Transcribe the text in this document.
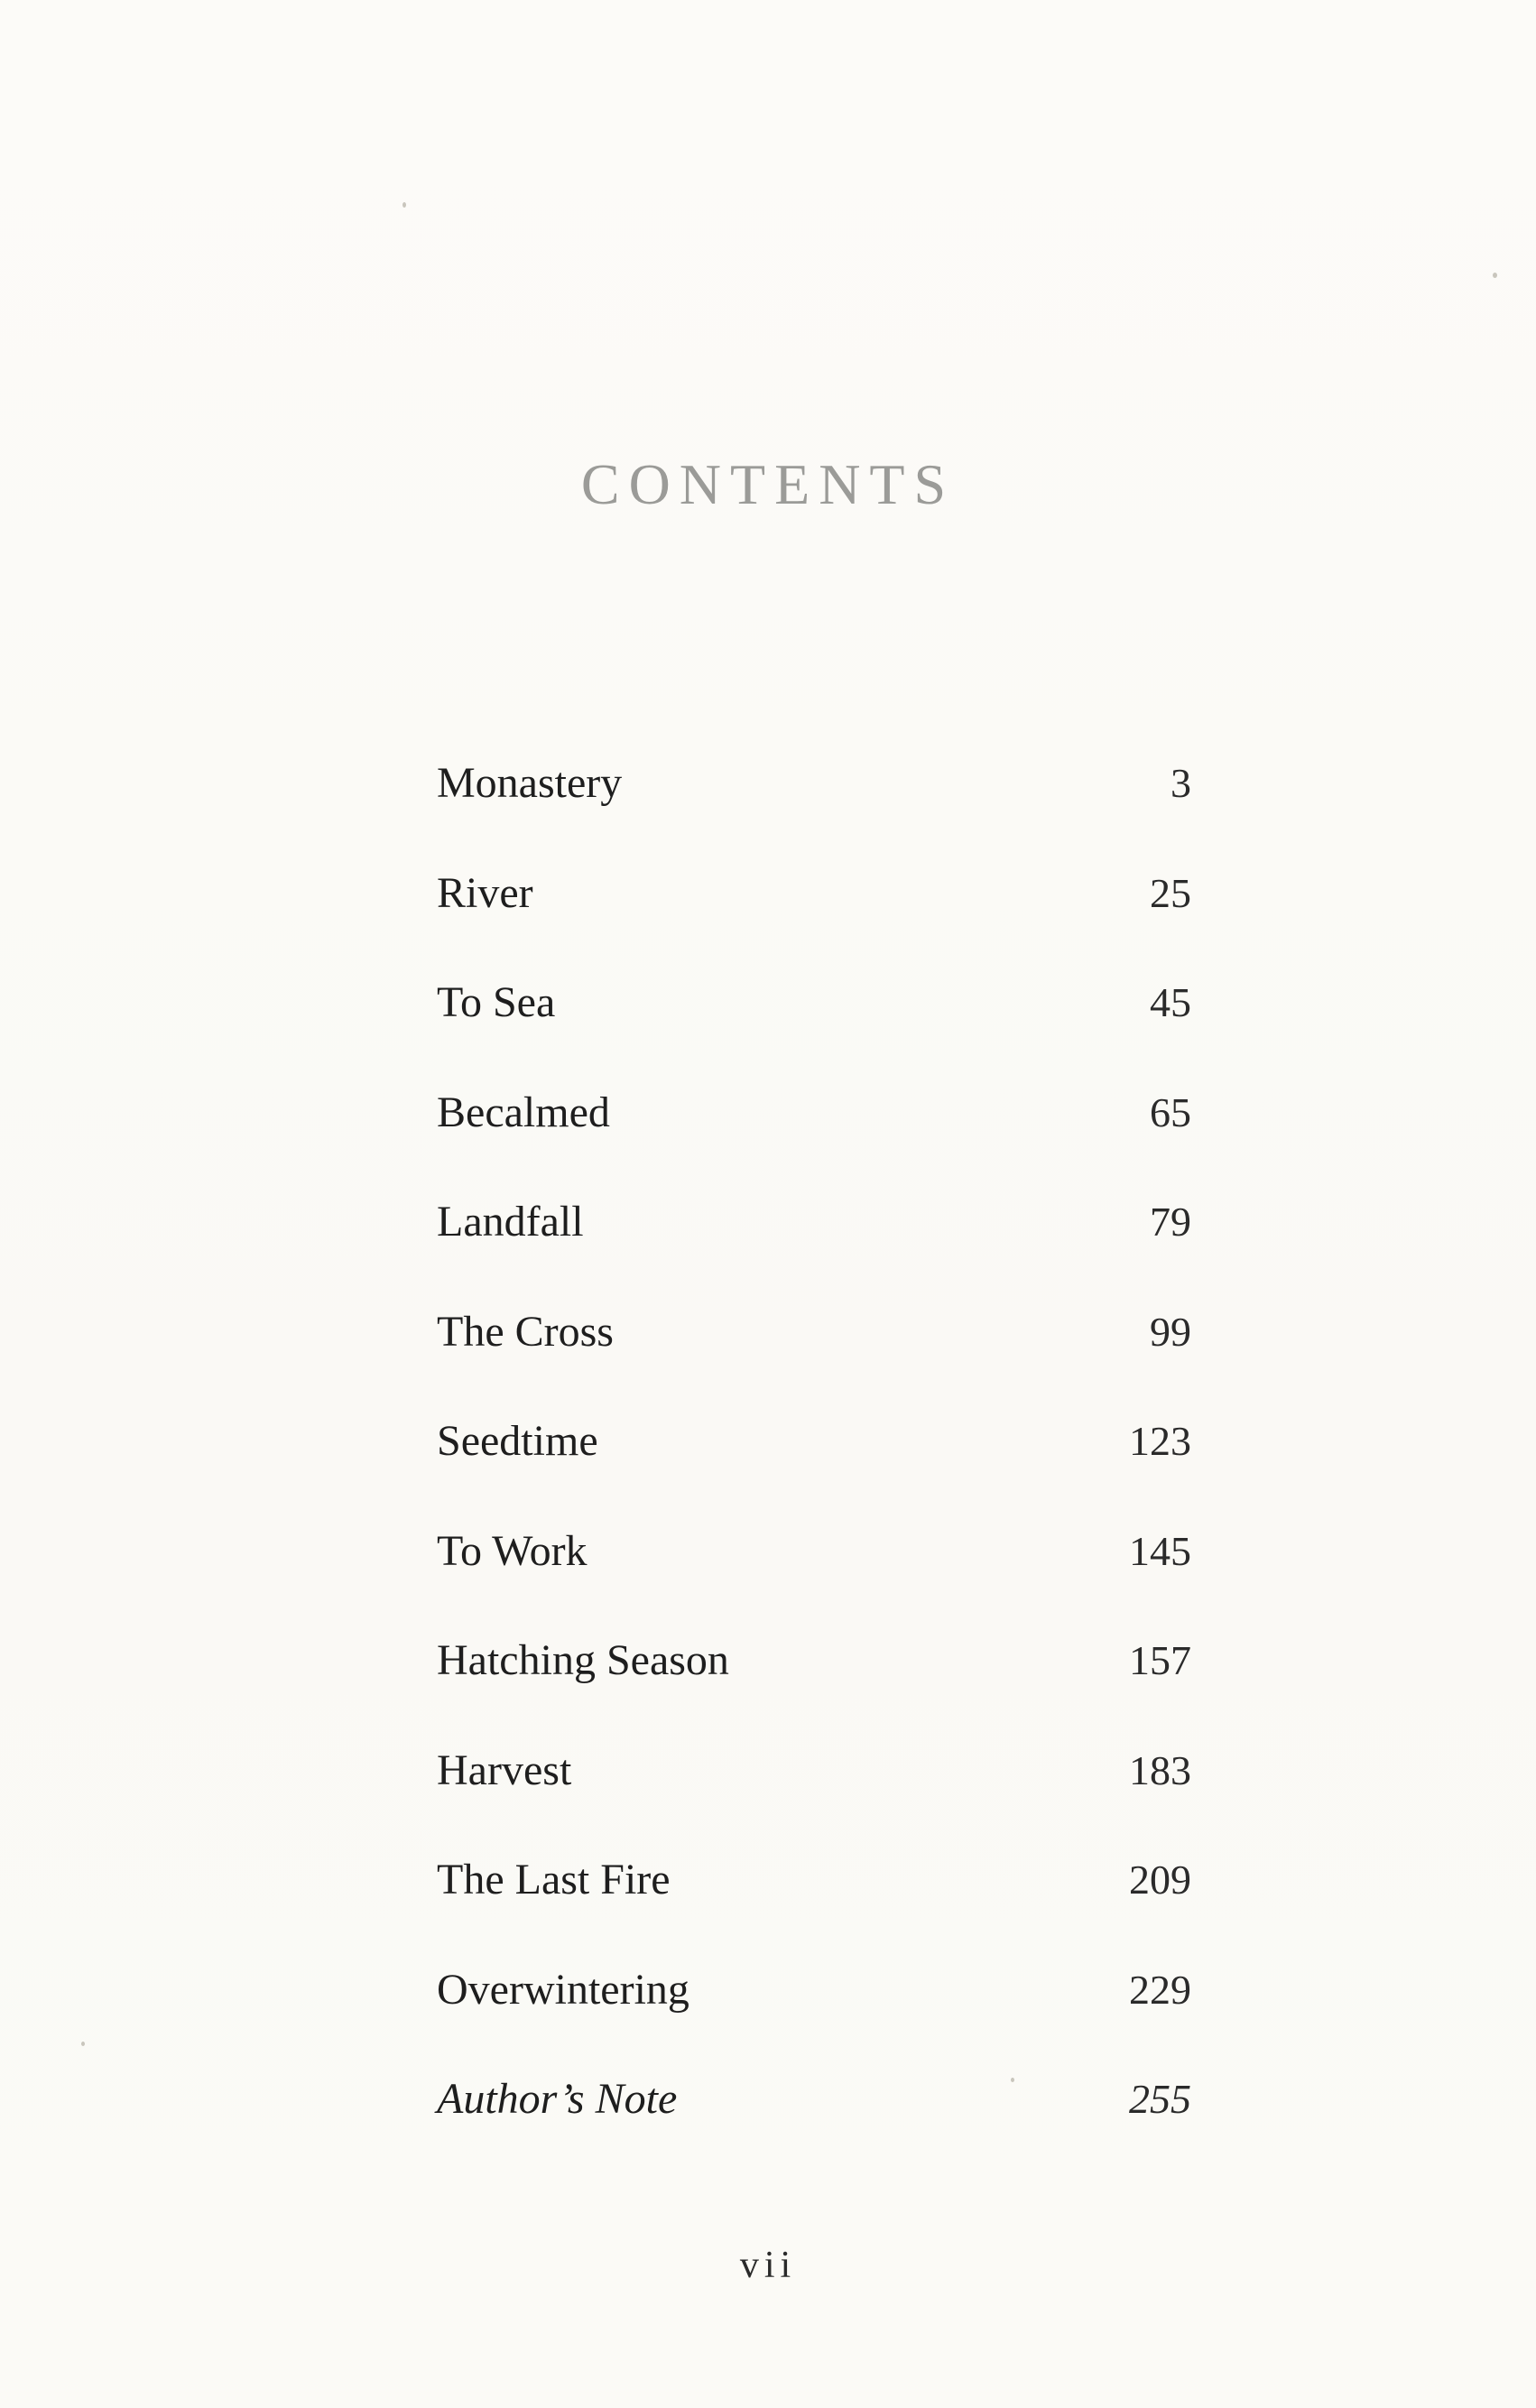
CONTENTS
Monastery	3
River	25
To Sea	45
Becalmed	65
Landfall	79
The Cross	99
Seedtime	123
To Work	145
Hatching Season	157
Harvest	183
The Last Fire	209
Overwintering	229
Author’s Note	255
vii
